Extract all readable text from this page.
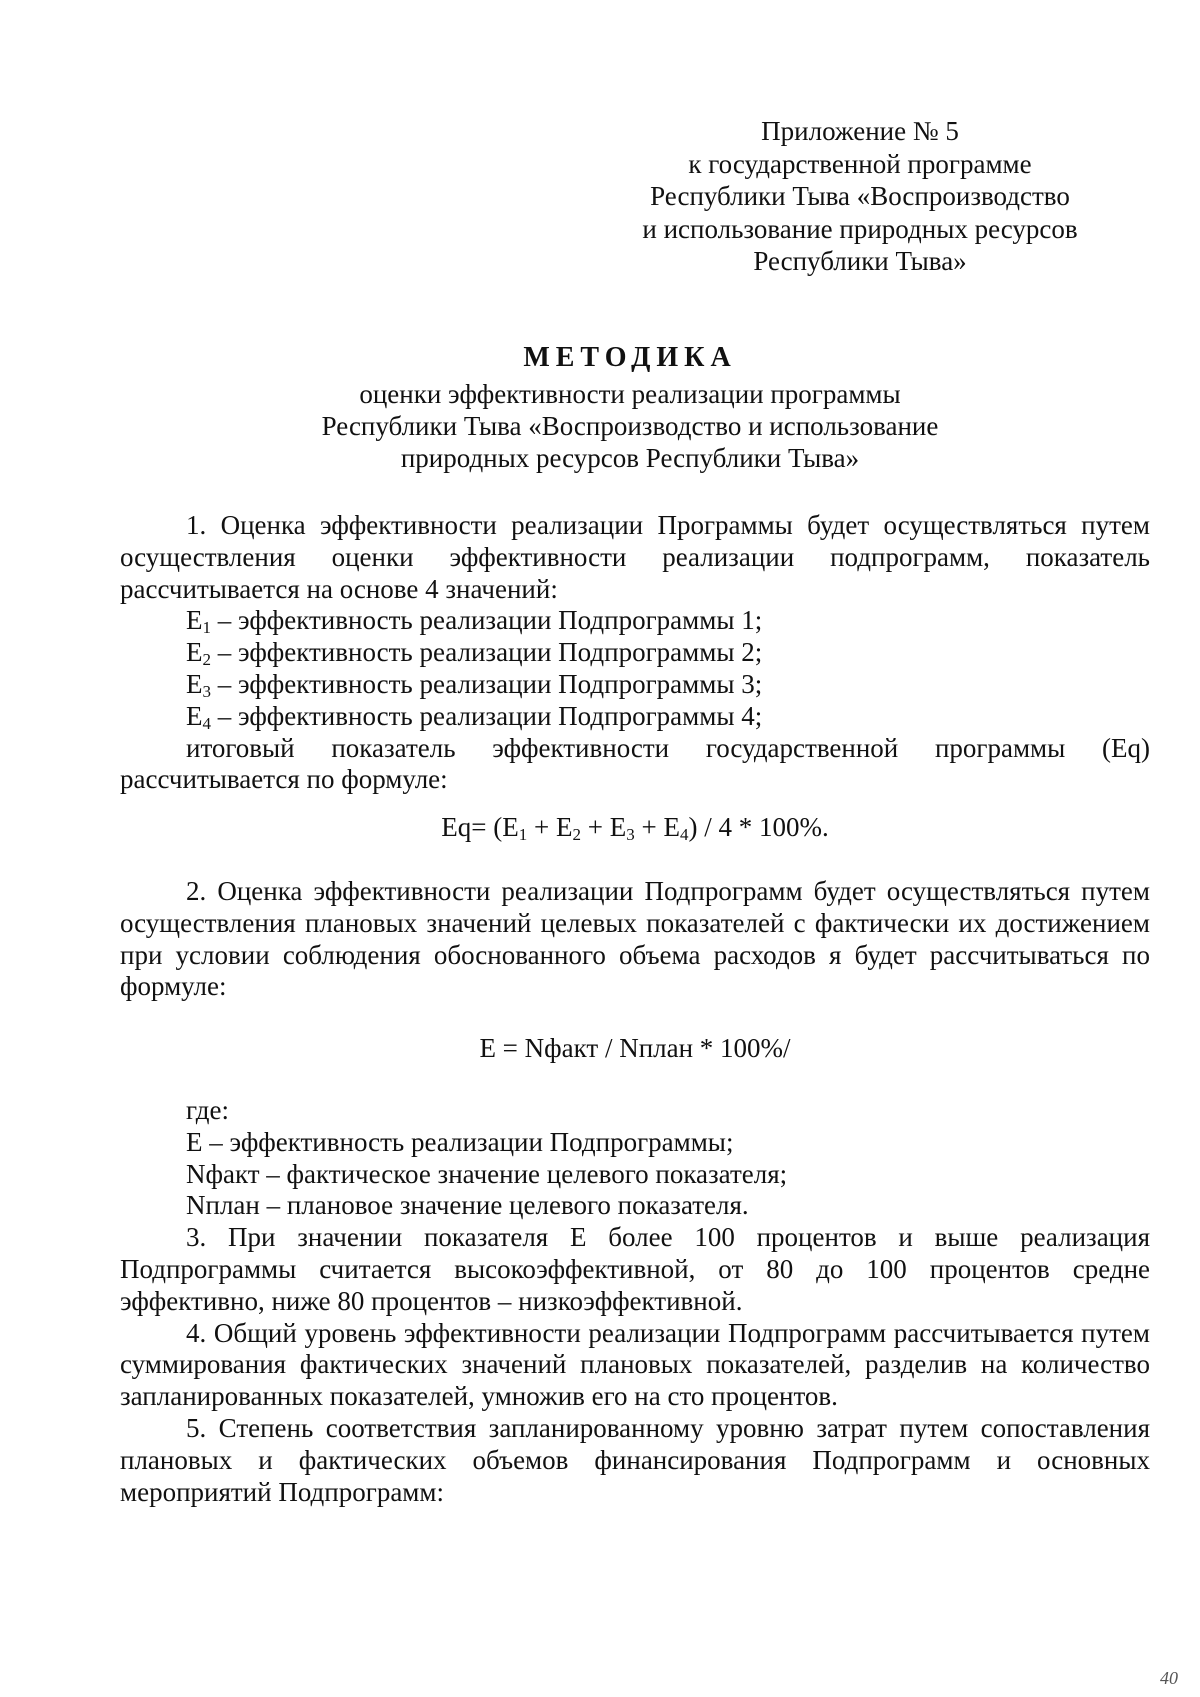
Приложение № 5
к государственной программе
Республики Тыва «Воспроизводство
и использование природных ресурсов
Республики Тыва»
МЕТОДИКА
оценки эффективности реализации программы
Республики Тыва «Воспроизводство и использование
природных ресурсов Республики Тыва»

1. Оценка эффективности реализации Программы будет осуществляться путем осуществления оценки эффективности реализации подпрограмм, показатель рассчитывается на основе 4 значений:

$E_1$ – эффективность реализации Подпрограммы 1;

$E_2$ – эффективность реализации Подпрограммы 2;

$E_3$ – эффективность реализации Подпрограммы 3;

$E_4$ – эффективность реализации Подпрограммы 4;

итоговый показатель эффективности государственной программы (Eq) рассчитывается по формуле:

$Eq= (E_1 + E_2 + E_3 + E_4) / 4 * 100\%$.

2. Оценка эффективности реализации Подпрограмм будет осуществляться путем осуществления плановых значений целевых показателей с фактически их достижением при условии соблюдения обоснованного объема расходов я будет рассчитываться по формуле:

E = Nфакт / Nплан * 100%/

где:

E – эффективность реализации Подпрограммы;

Nфакт – фактическое значение целевого показателя;

Nплан – плановое значение целевого показателя.

3. При значении показателя E более 100 процентов и выше реализация Подпрограммы считается высокоэффективной, от 80 до 100 процентов средне эффективно, ниже 80 процентов – низкоэффективной.

4. Общий уровень эффективности реализации Подпрограмм рассчитывается путем суммирования фактических значений плановых показателей, разделив на количество запланированных показателей, умножив его на сто процентов.

5. Степень соответствия запланированному уровню затрат путем сопоставления плановых и фактических объемов финансирования Подпрограмм и основных мероприятий Подпрограмм:

40
